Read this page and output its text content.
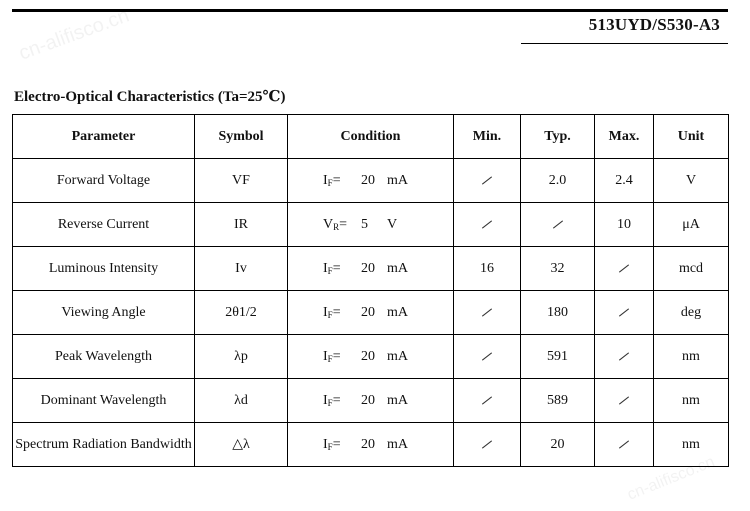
513UYD/S530-A3
cn-alifisco.cn
cn-alifisco.cn
Electro-Optical Characteristics (Ta=25℃)
Parameter	Symbol	Condition	Min.	Typ.	Max.	Unit
Forward Voltage	VF	$I_F= 20$ mA		2.0	2.4	V
Reverse Current	IR	$V_R= 5$ V			10	μA
Luminous Intensity	Iv	$I_F= 20$ mA	16	32		mcd
Viewing Angle	2θ1/2	$I_F= 20$ mA		180		deg
Peak Wavelength	λp	$I_F= 20$ mA		591		nm
Dominant Wavelength	λd	$I_F= 20$ mA		589		nm
Spectrum Radiation Bandwidth	△λ	$I_F= 20$ mA		20		nm
